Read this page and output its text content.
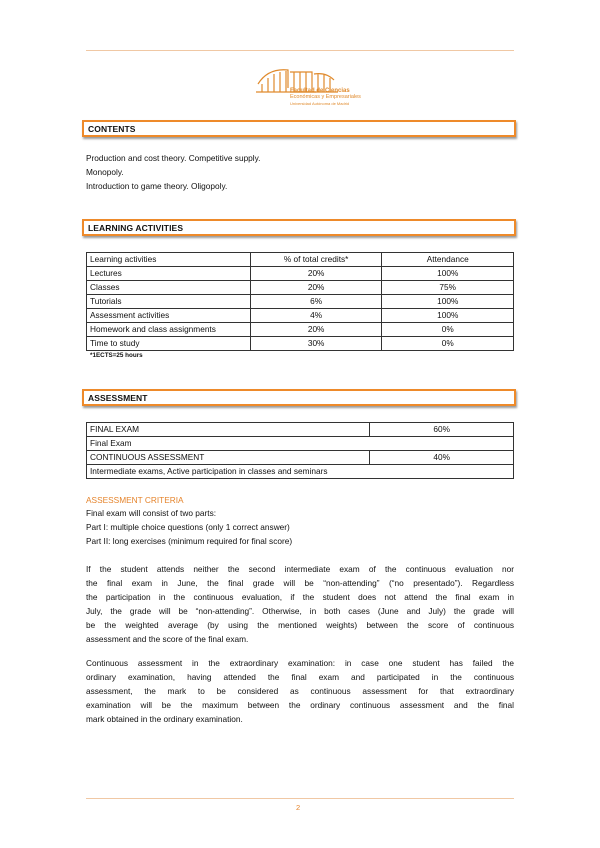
Facultad de Ciencias
Económicas y Empresariales
Universidad Autónoma de Madrid
CONTENTS
Production and cost theory. Competitive supply.
Monopoly.
Introduction to game theory. Oligopoly.
LEARNING ACTIVITIES
Learning activities	% of total credits*	Attendance
Lectures	20%	100%
Classes	20%	75%
Tutorials	6%	100%
Assessment activities	4%	100%
Homework and class assignments	20%	0%
Time to study	30%	0%
*1ECTS=25 hours
ASSESSMENT
FINAL EXAM	60%
Final Exam	
CONTINUOUS ASSESSMENT	40%
Intermediate exams, Active participation in classes and seminars	
ASSESSMENT CRITERIA
Final exam will consist of two parts:
Part I: multiple choice questions (only 1 correct answer)
Part II: long exercises (minimum required for final score)
If the student attends neither the second intermediate exam of the continuous evaluation nor
the final exam in June, the final grade will be “non-attending” (“no presentado”). Regardless
the participation in the continuous evaluation, if the student does not attend the final exam in
July, the grade will be “non-attending”. Otherwise, in both cases (June and July) the grade will
be the weighted average (by using the mentioned weights) between the score of continuous
assessment and the score of the final exam.
Continuous assessment in the extraordinary examination: in case one student has failed the
ordinary examination, having attended the final exam and participated in the continuous
assessment, the mark to be considered as continuous assessment for that extraordinary
examination will be the maximum between the ordinary continuous assessment and the final
mark obtained in the ordinary examination.
2
